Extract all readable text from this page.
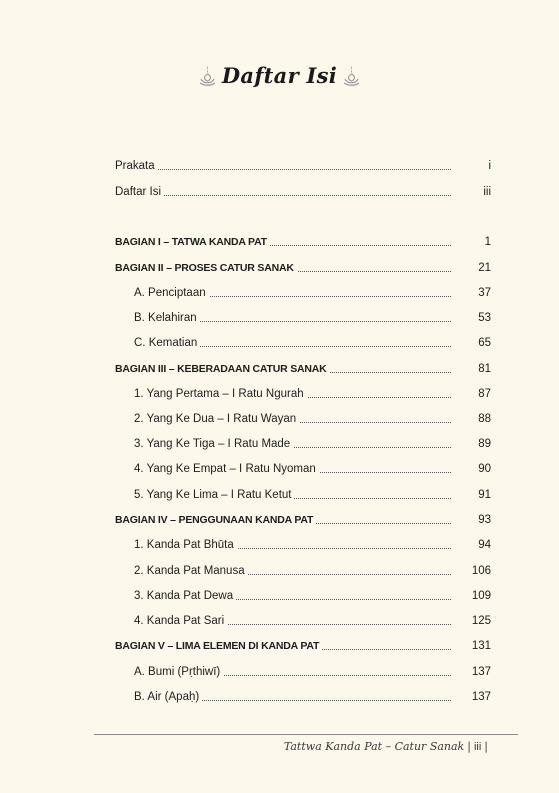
Daftar Isi
Prakata	i
Daftar Isi	iii
BAGIAN I – TATWA KANDA PAT	1
BAGIAN II – PROSES CATUR SANAK	21
A. Penciptaan	37
B. Kelahiran	53
C. Kematian	65
BAGIAN III – KEBERADAAN CATUR SANAK	81
1. Yang Pertama – I Ratu Ngurah	87
2. Yang Ke Dua – I Ratu Wayan	88
3. Yang Ke Tiga – I Ratu Made	89
4. Yang Ke Empat – I Ratu Nyoman	90
5. Yang Ke Lima – I Ratu Ketut	91
BAGIAN IV – PENGGUNAAN KANDA PAT	93
1. Kanda Pat Bhūta	94
2. Kanda Pat Manusa	106
3. Kanda Pat Dewa	109
4. Kanda Pat Sari	125
BAGIAN V – LIMA ELEMEN DI KANDA PAT	131
A. Bumi (Pṛthiwī)	137
B. Air (Apaḥ)	137
Tattwa Kanda Pat – Catur Sanak | iii |
